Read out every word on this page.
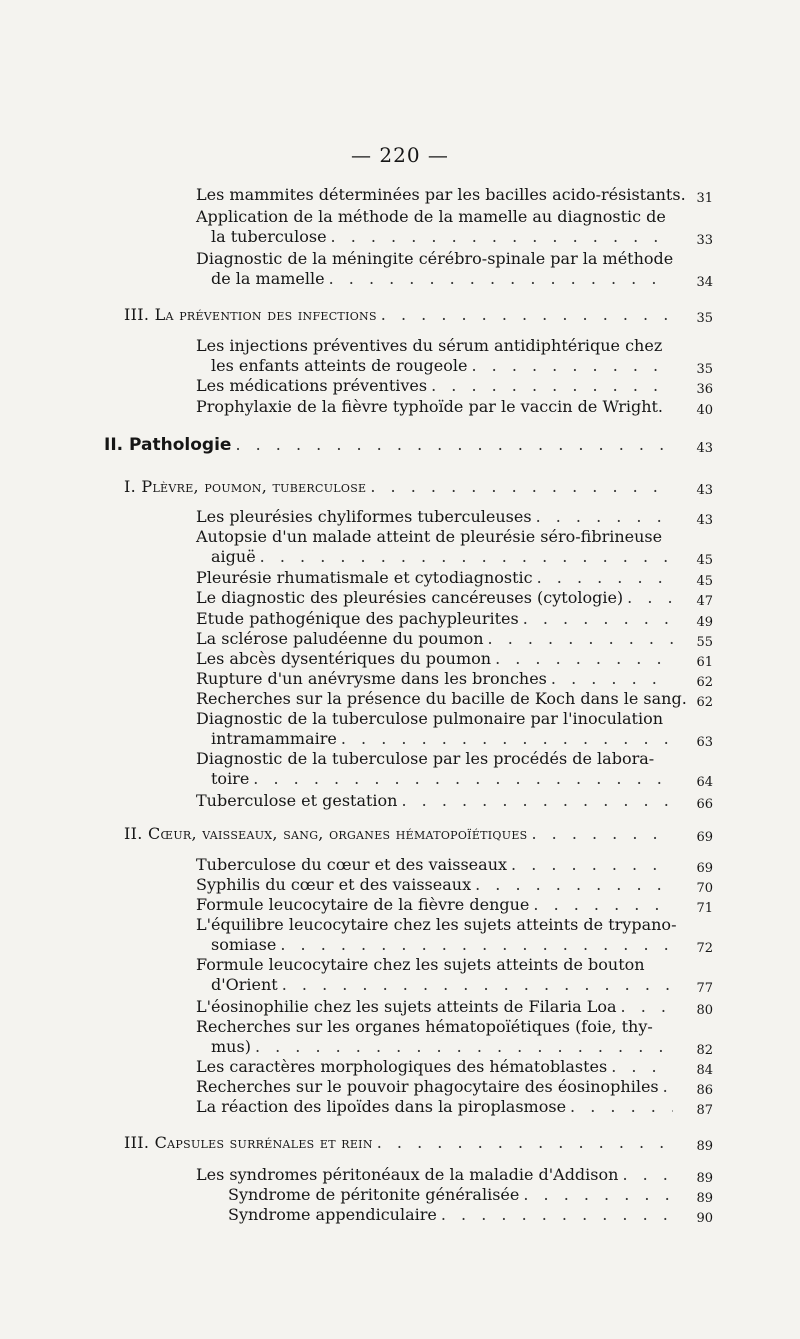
— 220 —
Les mammites déterminées par les bacilles acido-résistants. 31
Application de la méthode de la mamelle au diagnostic de
la tuberculose . . .	33
Diagnostic de la méningite cérébro-spinale par la méthode
de la mamelle . . .	34
III. La prévention des infections . . .	35
Les injections préventives du sérum antidiphtérique chez
les enfants atteints de rougeole . . .	35
Les médications préventives . . .	36
Prophylaxie de la fièvre typhoïde par le vaccin de Wright.	40
II. Pathologie . . .	43
I. Plèvre, poumon, tuberculose . . .	43
Les pleurésies chyliformes tuberculeuses . . .	43
Autopsie d'un malade atteint de pleurésie séro-fibrineuse
aiguë . . .	45
Pleurésie rhumatismale et cytodiagnostic . . .	45
Le diagnostic des pleurésies cancéreuses (cytologie) . . .	47
Etude pathogénique des pachypleurites . . .	49
La sclérose paludéenne du poumon . . .	55
Les abcès dysentériques du poumon . . .	61
Rupture d'un anévrysme dans les bronches . . .	62
Recherches sur la présence du bacille de Koch dans le sang. 62
Diagnostic de la tuberculose pulmonaire par l'inoculation
intramammaire . . .	63
Diagnostic de la tuberculose par les procédés de labora-
toire . . .	64
Tuberculose et gestation . . .	66
II. Cœur, vaisseaux, sang, organes hématopoïétiques . . .	69
Tuberculose du cœur et des vaisseaux . . .	69
Syphilis du cœur et des vaisseaux . . .	70
Formule leucocytaire de la fièvre dengue . . .	71
L'équilibre leucocytaire chez les sujets atteints de trypano-
somiase . . .	72
Formule leucocytaire chez les sujets atteints de bouton
d'Orient . . .	77
L'éosinophilie chez les sujets atteints de Filaria Loa . . .	80
Recherches sur les organes hématopoïétiques (foie, thy-
mus) . . .	82
Les caractères morphologiques des hématoblastes . . .	84
Recherches sur le pouvoir phagocytaire des éosinophiles . . .	86
La réaction des lipoïdes dans la piroplasmose . . .	87
III. Capsules surrénales et rein . . .	89
Les syndromes péritonéaux de la maladie d'Addison . . .	89
Syndrome de péritonite généralisée . . .	89
Syndrome appendiculaire . . .	90
